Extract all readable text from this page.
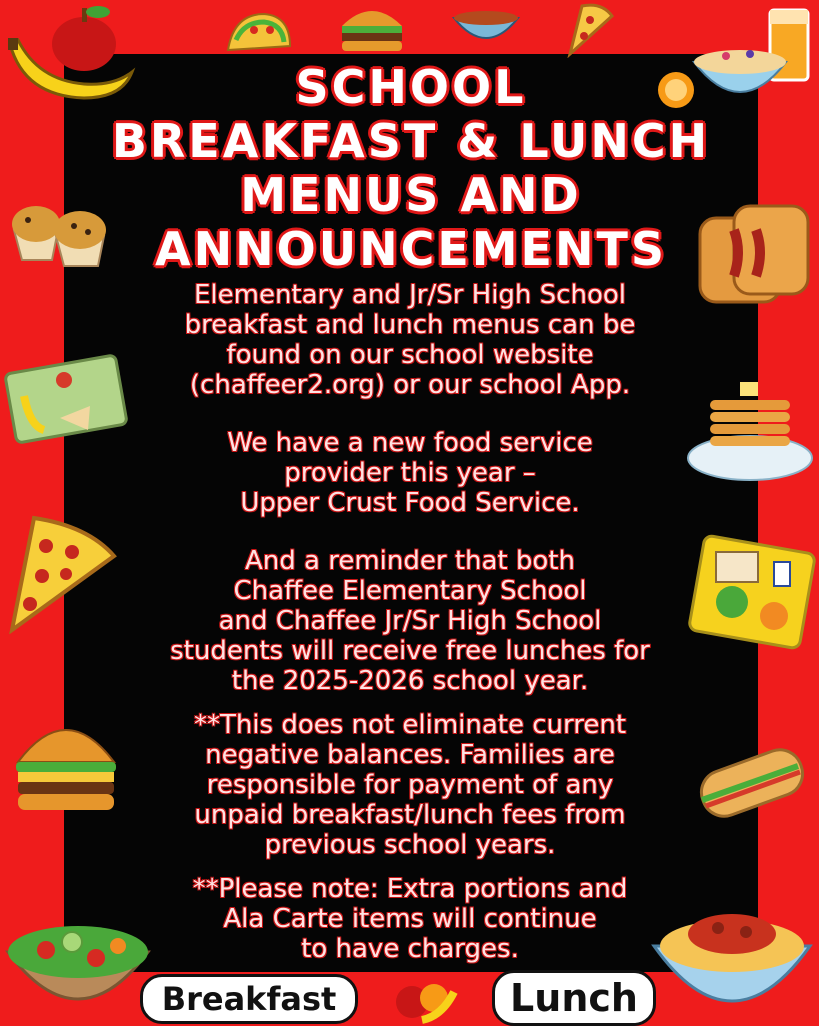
SCHOOL
BREAKFAST & LUNCH
MENUS AND
ANNOUNCEMENTS
Elementary and Jr/Sr High School
breakfast and lunch menus can be
found on our school website
(chaffeer2.org) or our school App.
We have a new food service
provider this year –
Upper Crust Food Service.
And a reminder that both
Chaffee Elementary School
and Chaffee Jr/Sr High School
students will receive free lunches for
the 2025-2026 school year.
**This does not eliminate current
negative balances. Families are
responsible for payment of any
unpaid breakfast/lunch fees from
previous school years.
**Please note: Extra portions and
Ala Carte items will continue
to have charges.
Breakfast	Lunch
